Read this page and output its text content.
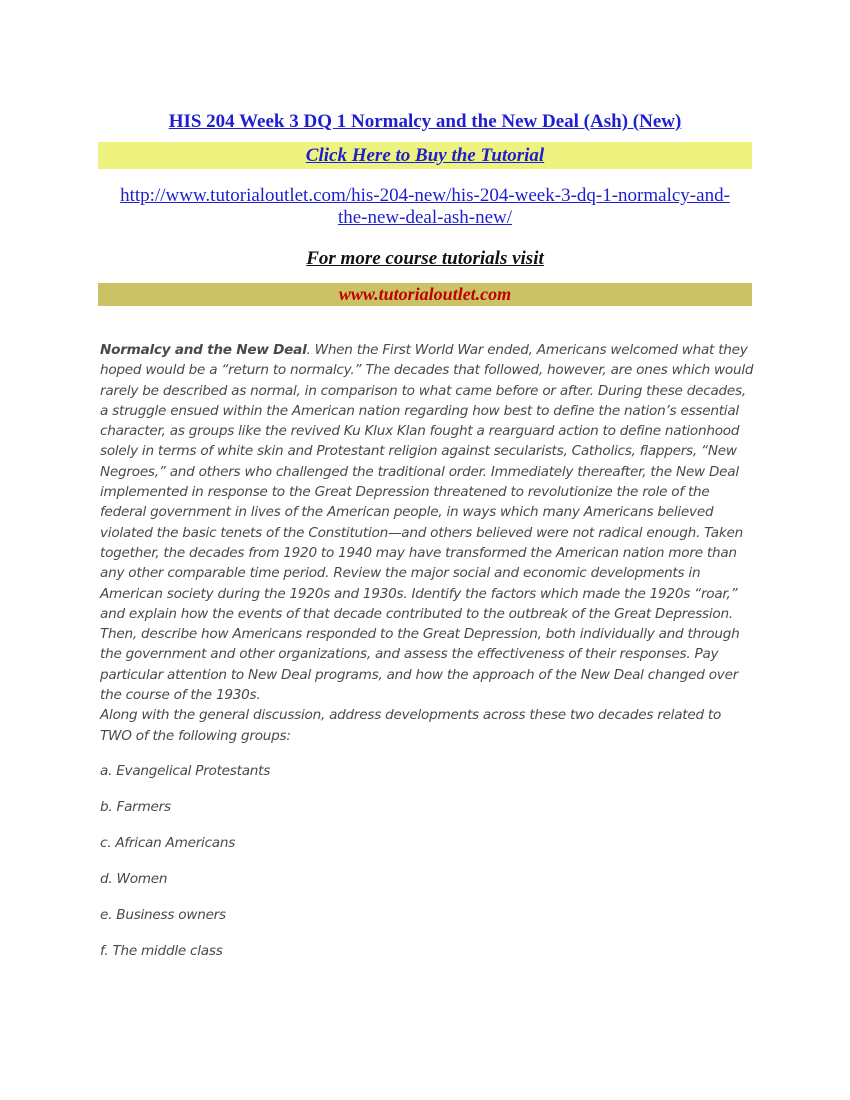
HIS 204 Week 3 DQ 1 Normalcy and the New Deal (Ash) (New)
Click Here to Buy the Tutorial
http://www.tutorialoutlet.com/his-204-new/his-204-week-3-dq-1-normalcy-and-the-new-deal-ash-new/
For more course tutorials visit
www.tutorialoutlet.com

Normalcy and the New Deal. When the First World War ended, Americans welcomed what they hoped would be a “return to normalcy.” The decades that followed, however, are ones which would rarely be described as normal, in comparison to what came before or after. During these decades, a struggle ensued within the American nation regarding how best to define the nation’s essential character, as groups like the revived Ku Klux Klan fought a rearguard action to define nationhood solely in terms of white skin and Protestant religion against secularists, Catholics, flappers, “New Negroes,” and others who challenged the traditional order. Immediately thereafter, the New Deal implemented in response to the Great Depression threatened to revolutionize the role of the federal government in lives of the American people, in ways which many Americans believed violated the basic tenets of the Constitution—and others believed were not radical enough. Taken together, the decades from 1920 to 1940 may have transformed the American nation more than any other comparable time period. Review the major social and economic developments in American society during the 1920s and 1930s. Identify the factors which made the 1920s “roar,” and explain how the events of that decade contributed to the outbreak of the Great Depression. Then, describe how Americans responded to the Great Depression, both individually and through the government and other organizations, and assess the effectiveness of their responses. Pay particular attention to New Deal programs, and how the approach of the New Deal changed over the course of the 1930s.
Along with the general discussion, address developments across these two decades related to TWO of the following groups:

a. Evangelical Protestants
b. Farmers
c. African Americans
d. Women
e. Business owners
f. The middle class
